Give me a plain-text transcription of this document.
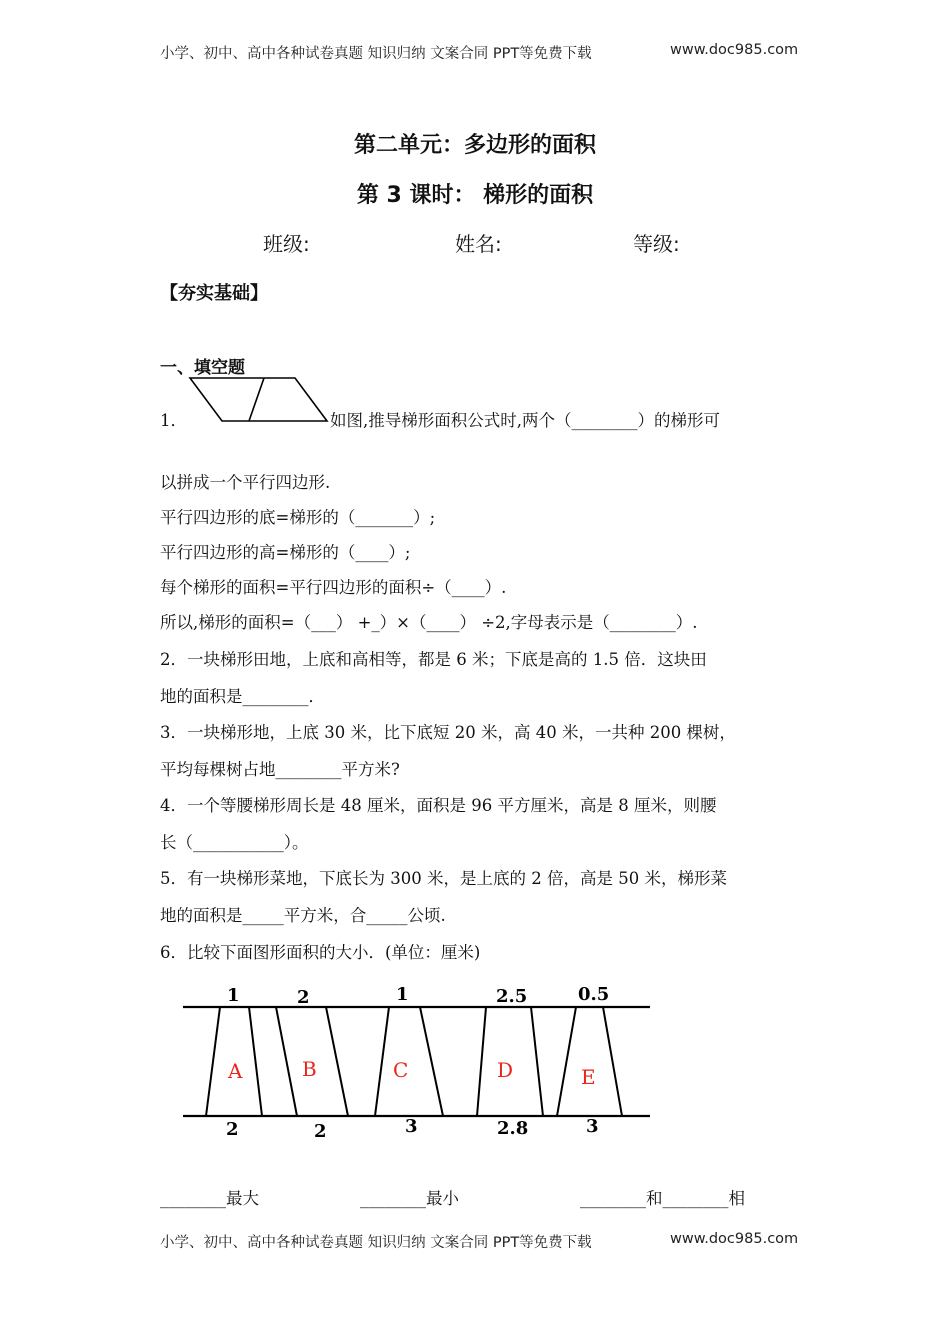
小学、初中、高中各种试卷真题 知识归纳 文案合同 PPT等免费下载	www.doc985.com
第二单元：多边形的面积
第 3 课时： 梯形的面积
班级:	姓名:	等级:
【夯实基础】
一、填空题
1．	如图,推导梯形面积公式时,两个（________）的梯形可
以拼成一个平行四边形.
平行四边形的底=梯形的（_______）;
平行四边形的高=梯形的（____）;
每个梯形的面积=平行四边形的面积÷（____）.
所以,梯形的面积=（___） +_）×（____） ÷2,字母表示是（________）.
2．一块梯形田地，上底和高相等，都是 6 米；下底是高的 1.5 倍．这块田
地的面积是________．
3．一块梯形地，上底 30 米，比下底短 20 米，高 40 米，一共种 200 棵树，
平均每棵树占地________平方米?
4．一个等腰梯形周长是 48 厘米，面积是 96 平方厘米，高是 8 厘米，则腰
长（___________）。
5．有一块梯形菜地，下底长为 300 米，是上底的 2 倍，高是 50 米，梯形菜
地的面积是_____平方米，合_____公顷.
6．比较下面图形面积的大小．(单位：厘米)
1
2
A
2
2
B
1
3
C
2.5
2.8
D
0.5
3
E
________最大	________最小	________和________相
小学、初中、高中各种试卷真题 知识归纳 文案合同 PPT等免费下载	www.doc985.com
